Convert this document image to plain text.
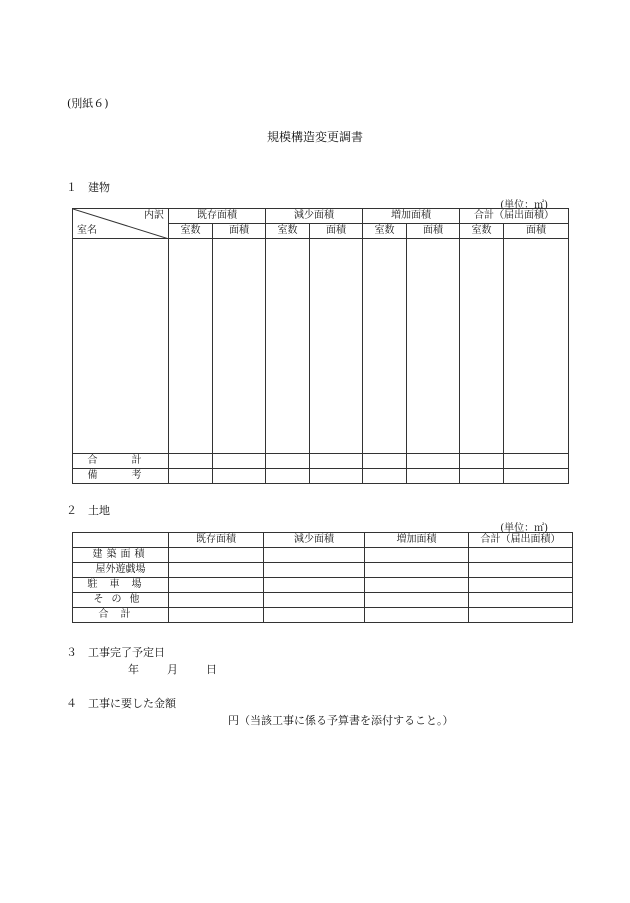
(別紙６)
規模構造変更調書
１　建物
(単位：㎡)
内訳
室名	既存面積		減少面積		増加面積		合計（届出面積）	
	室数	面積	室数	面積	室数	面積	室数	面積

合　計								
備　考								
２　土地
(単位：㎡)
	既存面積	減少面積	増加面積	合計（届出面積）
建築面積				
屋外遊戯場				
駐車場				
その他				
合計				
３　工事完了予定日
年	月	日
４　工事に要した金額
円（当該工事に係る予算書を添付すること。）
